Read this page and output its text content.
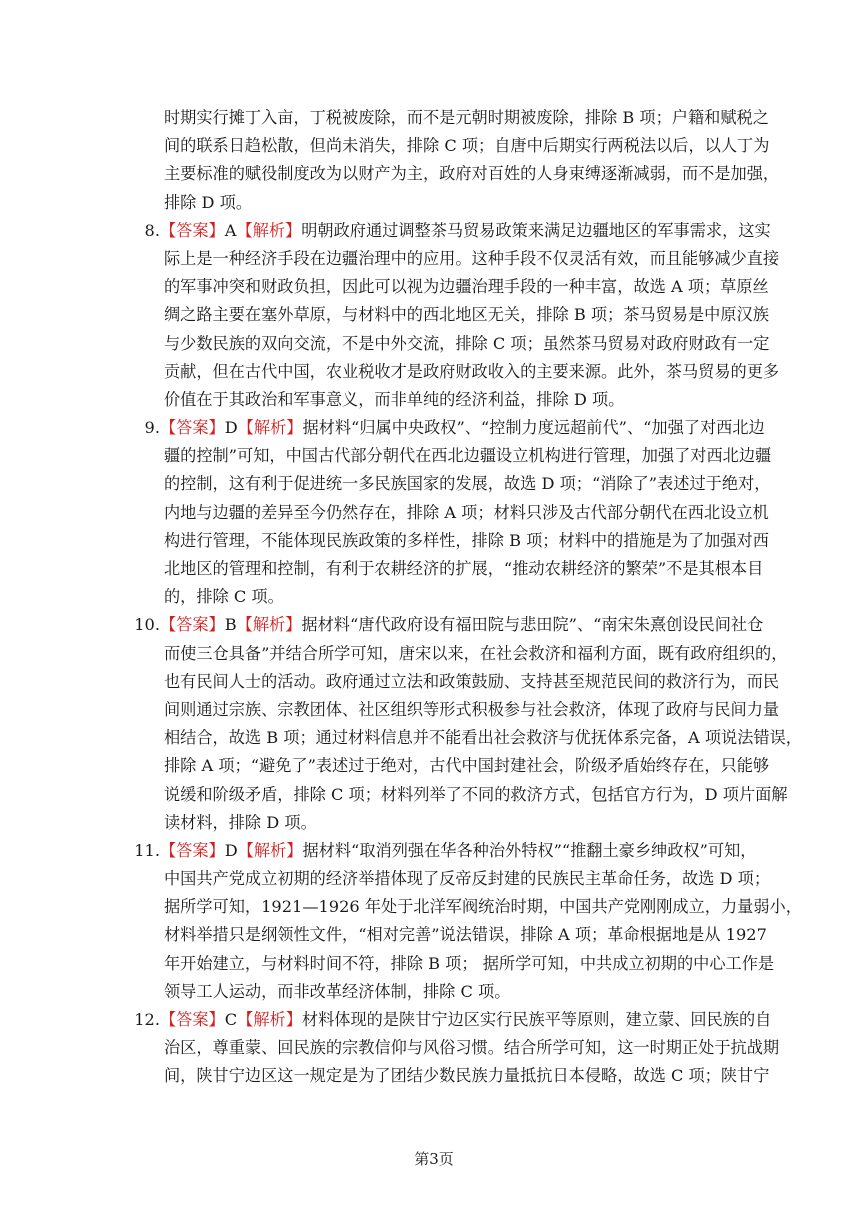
时期实行摊丁入亩，丁税被废除，而不是元朝时期被废除，排除 B 项；户籍和赋税之
间的联系日趋松散，但尚未消失，排除 C 项；自唐中后期实行两税法以后，以人丁为
主要标准的赋役制度改为以财产为主，政府对百姓的人身束缚逐渐减弱，而不是加强，
排除 D 项。
8.【答案】A【解析】明朝政府通过调整茶马贸易政策来满足边疆地区的军事需求，这实
际上是一种经济手段在边疆治理中的应用。这种手段不仅灵活有效，而且能够减少直接
的军事冲突和财政负担，因此可以视为边疆治理手段的一种丰富，故选 A 项；草原丝
绸之路主要在塞外草原，与材料中的西北地区无关，排除 B 项；茶马贸易是中原汉族
与少数民族的双向交流，不是中外交流，排除 C 项；虽然茶马贸易对政府财政有一定
贡献，但在古代中国，农业税收才是政府财政收入的主要来源。此外，茶马贸易的更多
价值在于其政治和军事意义，而非单纯的经济利益，排除 D 项。
9.【答案】D【解析】据材料“归属中央政权”、“控制力度远超前代”、“加强了对西北边
疆的控制”可知，中国古代部分朝代在西北边疆设立机构进行管理，加强了对西北边疆
的控制，这有利于促进统一多民族国家的发展，故选 D 项；“消除了”表述过于绝对，
内地与边疆的差异至今仍然存在，排除 A 项；材料只涉及古代部分朝代在西北设立机
构进行管理，不能体现民族政策的多样性，排除 B 项；材料中的措施是为了加强对西
北地区的管理和控制，有利于农耕经济的扩展，“推动农耕经济的繁荣”不是其根本目
的，排除 C 项。
10.【答案】B【解析】据材料“唐代政府设有福田院与悲田院”、“南宋朱熹创设民间社仓
而使三仓具备”并结合所学可知，唐宋以来，在社会救济和福利方面，既有政府组织的，
也有民间人士的活动。政府通过立法和政策鼓励、支持甚至规范民间的救济行为，而民
间则通过宗族、宗教团体、社区组织等形式积极参与社会救济，体现了政府与民间力量
相结合，故选 B 项；通过材料信息并不能看出社会救济与优抚体系完备，A 项说法错误，
排除 A 项；“避免了”表述过于绝对，古代中国封建社会，阶级矛盾始终存在，只能够
说缓和阶级矛盾，排除 C 项；材料列举了不同的救济方式，包括官方行为，D 项片面解
读材料，排除 D 项。
11.【答案】D【解析】据材料“取消列强在华各种治外特权”“推翻土豪乡绅政权”可知，
中国共产党成立初期的经济举措体现了反帝反封建的民族民主革命任务，故选 D 项；
据所学可知，1921—1926 年处于北洋军阀统治时期，中国共产党刚刚成立，力量弱小，
材料举措只是纲领性文件，“相对完善”说法错误，排除 A 项；革命根据地是从 1927
年开始建立，与材料时间不符，排除 B 项； 据所学可知，中共成立初期的中心工作是
领导工人运动，而非改革经济体制，排除 C 项。
12.【答案】C【解析】材料体现的是陕甘宁边区实行民族平等原则，建立蒙、回民族的自
治区，尊重蒙、回民族的宗教信仰与风俗习惯。结合所学可知，这一时期正处于抗战期
间，陕甘宁边区这一规定是为了团结少数民族力量抵抗日本侵略，故选 C 项；陕甘宁
第3页
